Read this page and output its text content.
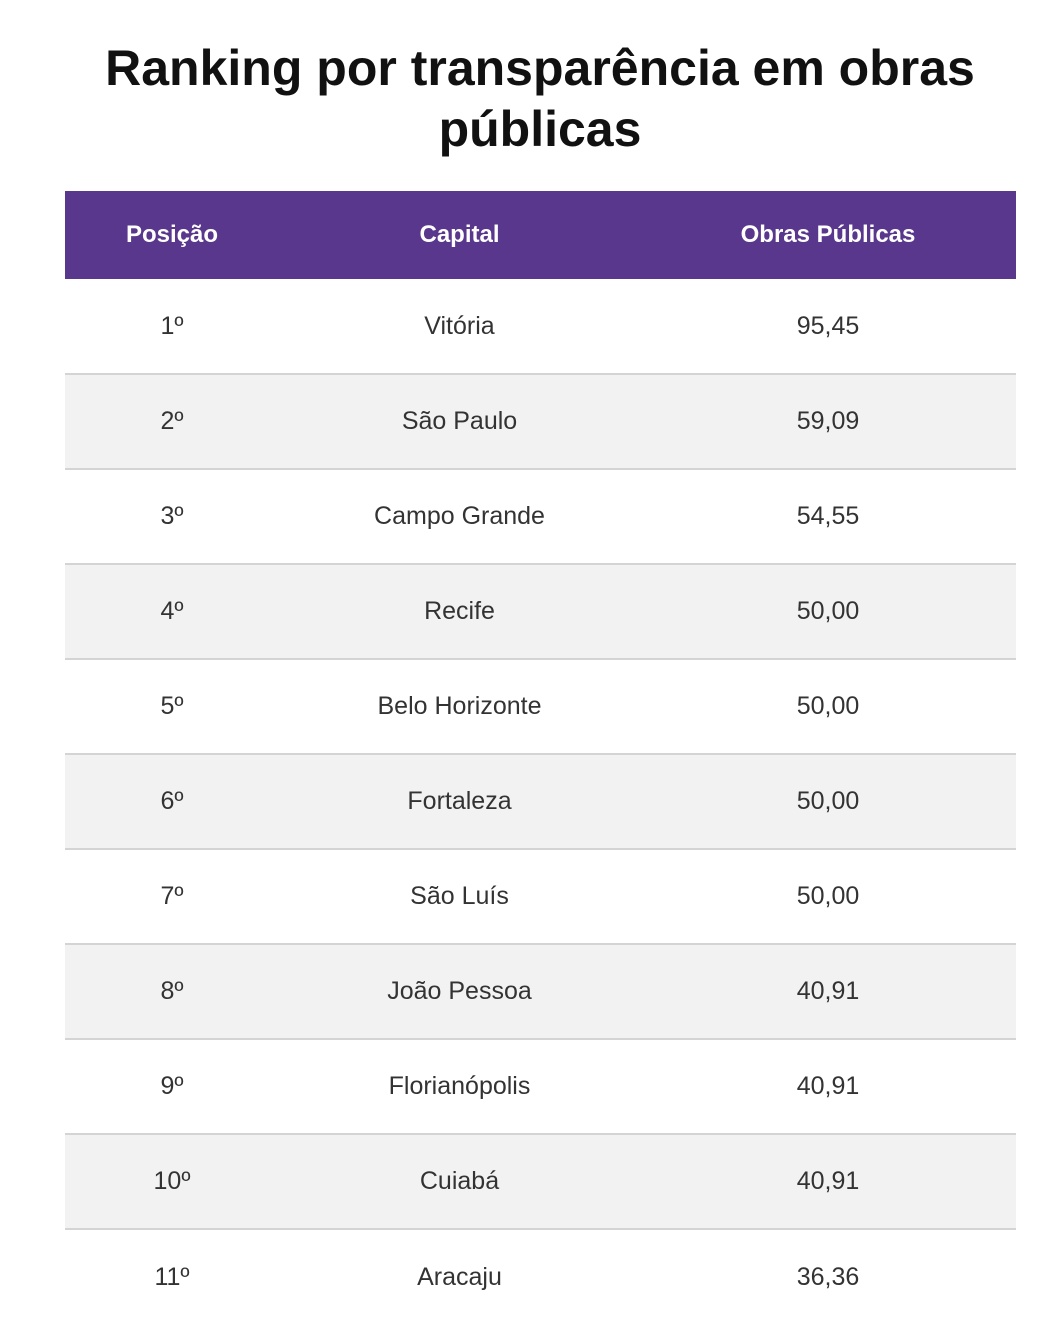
Ranking por transparência em obras públicas
Posição	Capital	Obras Públicas
1º	Vitória	95,45
2º	São Paulo	59,09
3º	Campo Grande	54,55
4º	Recife	50,00
5º	Belo Horizonte	50,00
6º	Fortaleza	50,00
7º	São Luís	50,00
8º	João Pessoa	40,91
9º	Florianópolis	40,91
10º	Cuiabá	40,91
11º	Aracaju	36,36
